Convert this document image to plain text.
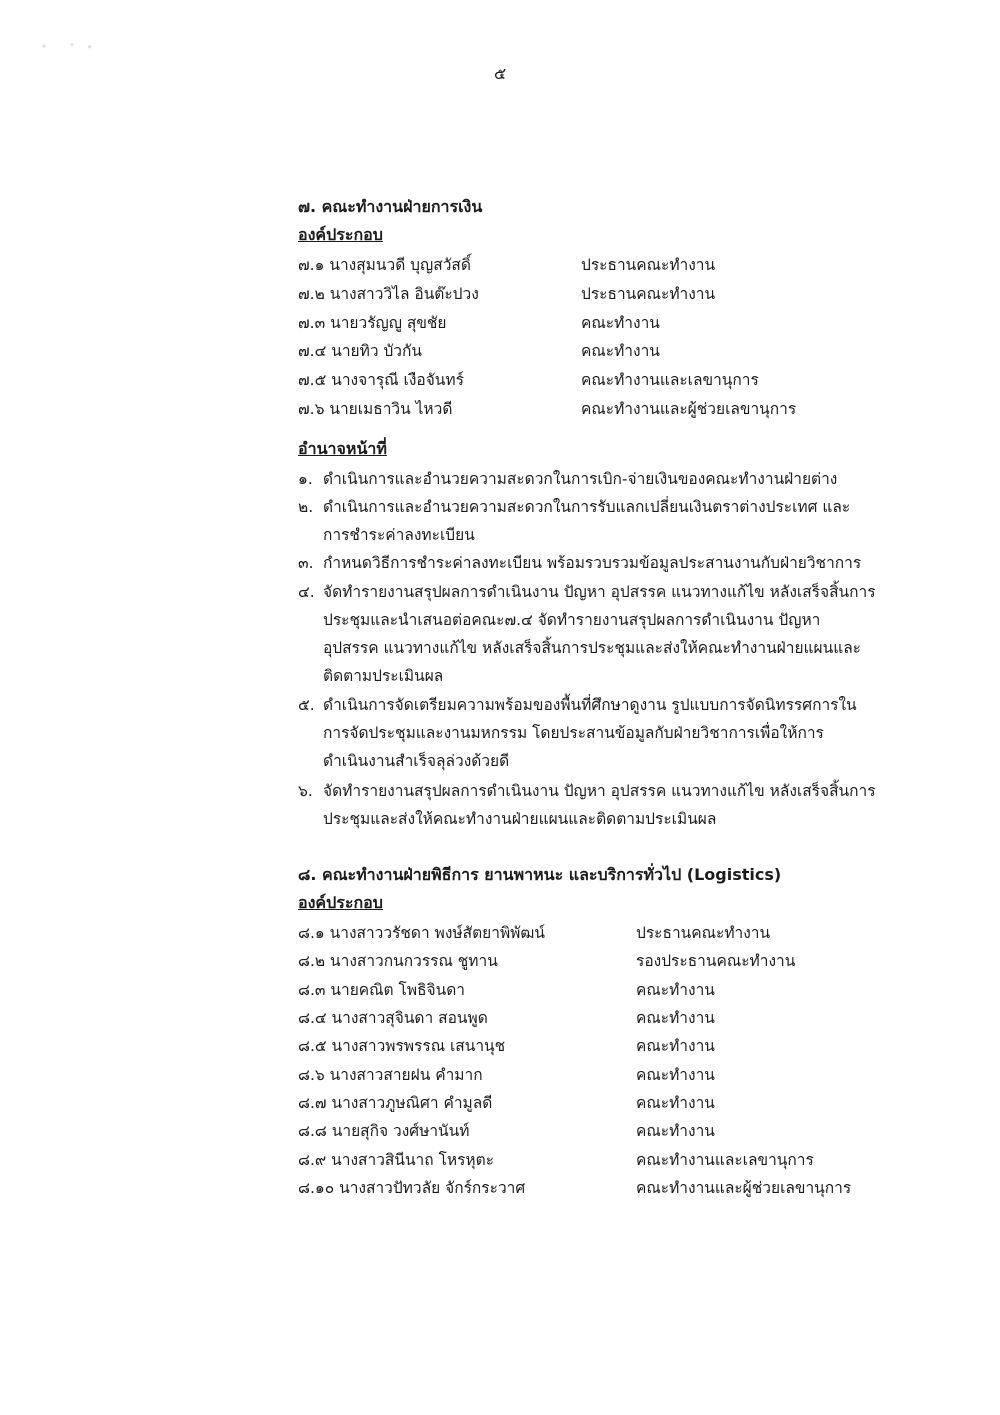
๕
๗. คณะทำงานฝ่ายการเงิน
องค์ประกอบ
๗.๑ นางสุมนวดี บุญสวัสดิ์	ประธานคณะทำงาน
๗.๒ นางสาววิไล อินต๊ะปวง	ประธานคณะทำงาน
๗.๓ นายวรัญญู สุขชัย	คณะทำงาน
๗.๔ นายทิว บัวกัน	คณะทำงาน
๗.๕ นางจารุณี เงือจันทร์	คณะทำงานและเลขานุการ
๗.๖ นายเมธาวิน ไหวดี	คณะทำงานและผู้ช่วยเลขานุการ
อำนาจหน้าที่
๑. ดำเนินการและอำนวยความสะดวกในการเบิก-จ่ายเงินของคณะทำงานฝ่ายต่าง
๒. ดำเนินการและอำนวยความสะดวกในการรับแลกเปลี่ยนเงินตราต่างประเทศ และ
การชำระค่าลงทะเบียน
๓. กำหนดวิธีการชำระค่าลงทะเบียน พร้อมรวบรวมข้อมูลประสานงานกับฝ่ายวิชาการ
๔. จัดทำรายงานสรุปผลการดำเนินงาน ปัญหา อุปสรรค แนวทางแก้ไข หลังเสร็จสิ้นการ
ประชุมและนำเสนอต่อคณะ๗.๔ จัดทำรายงานสรุปผลการดำเนินงาน ปัญหา
อุปสรรค แนวทางแก้ไข หลังเสร็จสิ้นการประชุมและส่งให้คณะทำงานฝ่ายแผนและ
ติดตามประเมินผล
๕. ดำเนินการจัดเตรียมความพร้อมของพื้นที่ศึกษาดูงาน รูปแบบการจัดนิทรรศการใน
การจัดประชุมและงานมหกรรม โดยประสานข้อมูลกับฝ่ายวิชาการเพื่อให้การ
ดำเนินงานสำเร็จลุล่วงด้วยดี
๖. จัดทำรายงานสรุปผลการดำเนินงาน ปัญหา อุปสรรค แนวทางแก้ไข หลังเสร็จสิ้นการ
ประชุมและส่งให้คณะทำงานฝ่ายแผนและติดตามประเมินผล
๘. คณะทำงานฝ่ายพิธีการ ยานพาหนะ และบริการทั่วไป (Logistics)
องค์ประกอบ
๘.๑ นางสาววรัชดา พงษ์สัตยาพิพัฒน์	ประธานคณะทำงาน
๘.๒ นางสาวกนกวรรณ ชูทาน	รองประธานคณะทำงาน
๘.๓ นายคณิต โพธิจินดา	คณะทำงาน
๘.๔ นางสาวสุจินดา สอนพูด	คณะทำงาน
๘.๕ นางสาวพรพรรณ เสนานุช	คณะทำงาน
๘.๖ นางสาวสายฝน คำมาก	คณะทำงาน
๘.๗ นางสาวภูษณิศา คำมูลดี	คณะทำงาน
๘.๘ นายสุกิจ วงศ์ษานันท์	คณะทำงาน
๘.๙ นางสาวสินีนาถ โหรหุตะ	คณะทำงานและเลขานุการ
๘.๑๐ นางสาวปัทวลัย จักร์กระวาศ	คณะทำงานและผู้ช่วยเลขานุการ
